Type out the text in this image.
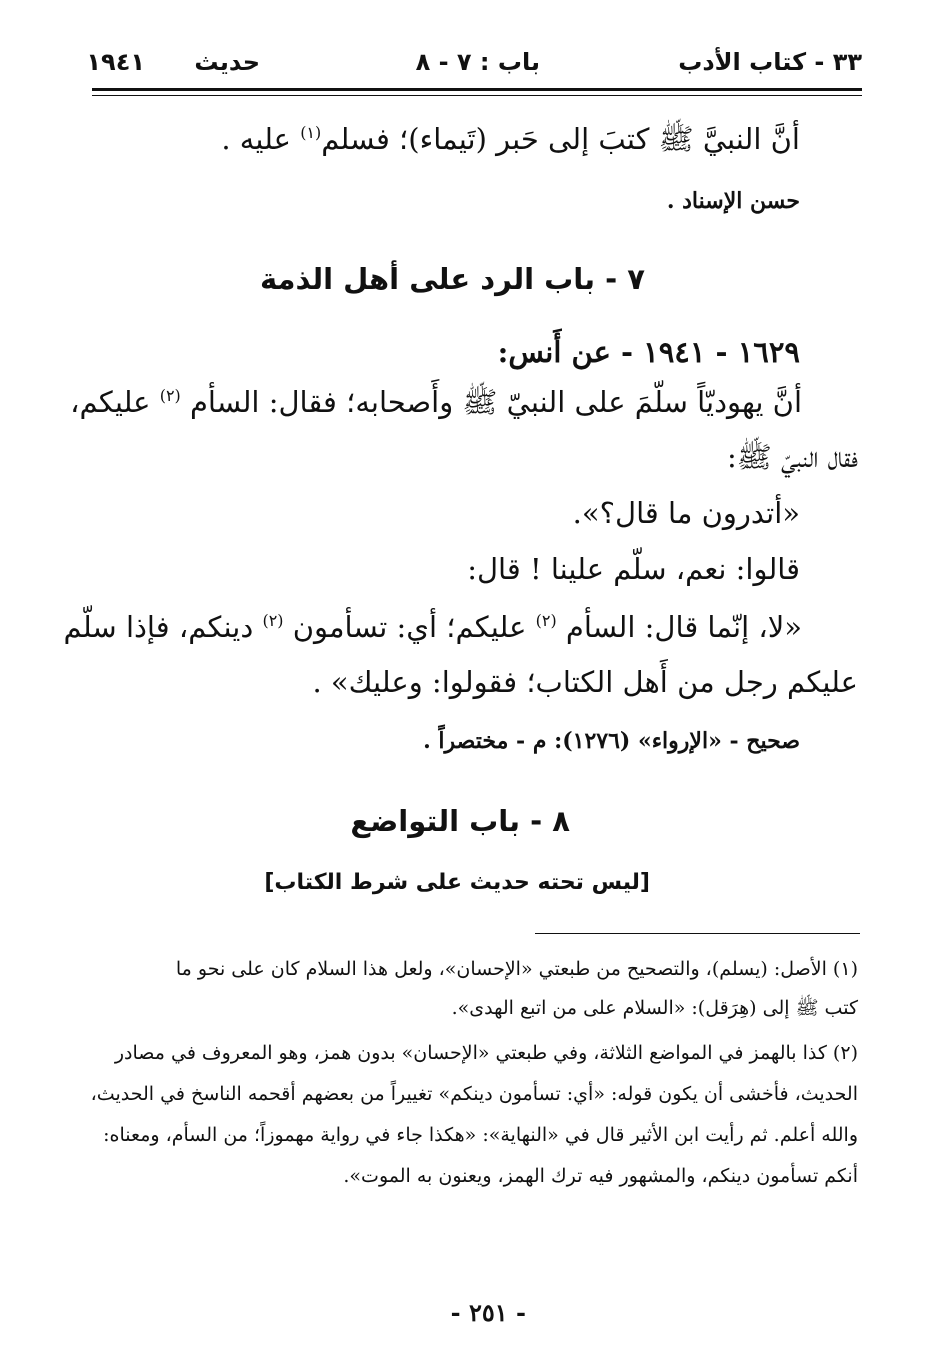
٣٣ - كتاب الأدب
باب : ٧ - ٨
حديث
١٩٤١
أنَّ النبيَّ ﷺ كتبَ إلى حَبر (تَيماء)؛ فسلم$^{(١)}$ عليه .
حسن الإسناد .
٧ - باب الرد على أهل الذمة
١٦٢٩ - ١٩٤١ - عن أَنس:
أنَّ يهوديّاً سلّمَ على النبيّ ﷺ وأَصحابه؛ فقال: السأم $^{(٢)}$ عليكم،
فقال النبيّ ﷺ:
«أتدرون ما قال؟».
قالوا: نعم، سلّم علينا ! قال:
«لا، إنّما قال: السأم $^{(٢)}$ عليكم؛ أي: تسأمون $^{(٢)}$ دينكم، فإذا سلّم
عليكم رجل من أَهل الكتاب؛ فقولوا: وعليك» .
صحيح - «الإرواء» (١٢٧٦): م - مختصراً .
٨ - باب التواضع
[ليس تحته حديث على شرط الكتاب]
(١) الأصل: (يسلم)، والتصحيح من طبعتي «الإحسان»، ولعل هذا السلام كان على نحو ما
كتب ﷺ إلى (هِرَقل): «السلام على من اتبع الهدى».
(٢) كذا بالهمز في المواضع الثلاثة، وفي طبعتي «الإحسان» بدون همز، وهو المعروف في مصادر
الحديث، فأخشى أن يكون قوله: «أي: تسأمون دينكم» تغييراً من بعضهم أقحمه الناسخ في الحديث،
والله أعلم. ثم رأيت ابن الأثير قال في «النهاية»: «هكذا جاء في رواية مهموزاً؛ من السأم، ومعناه:
أنكم تسأمون دينكم، والمشهور فيه ترك الهمز، ويعنون به الموت».
- ٢٥١ -
